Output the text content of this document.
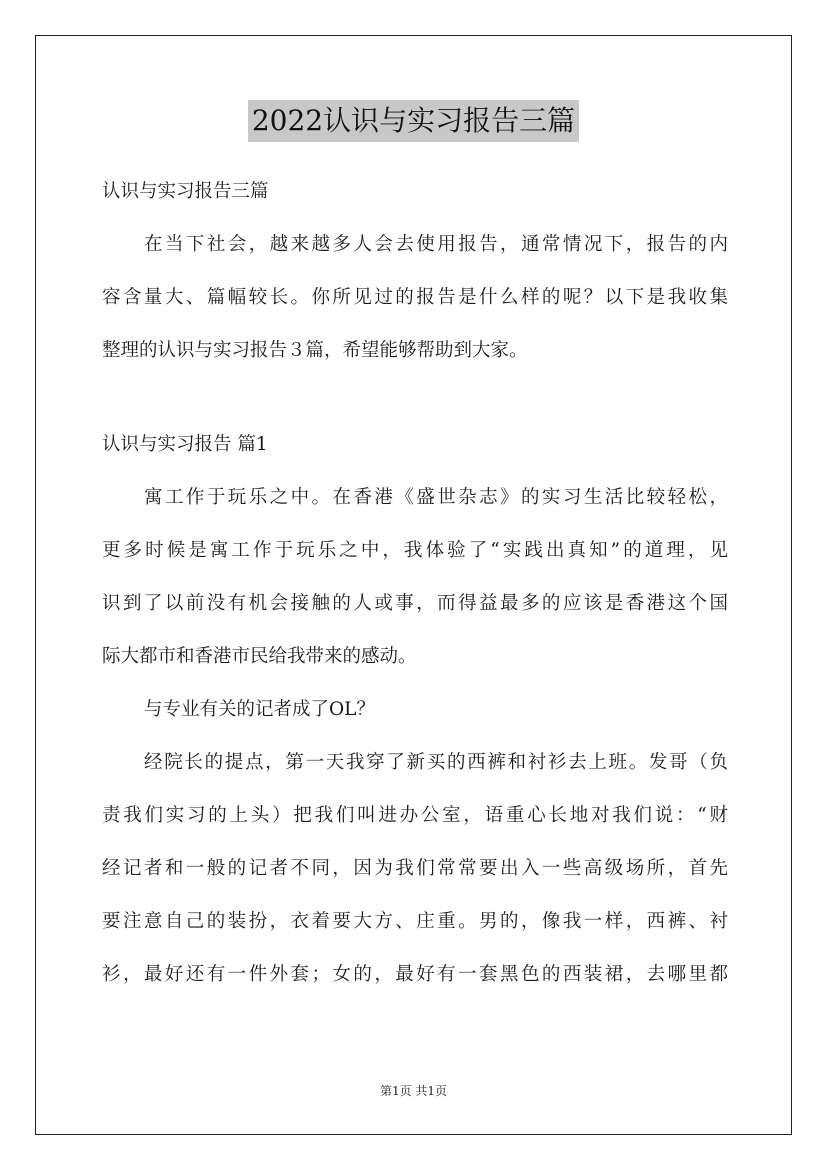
2022认识与实习报告三篇
认识与实习报告三篇
在当下社会，越来越多人会去使用报告，通常情况下，报告的内
容含量大、篇幅较长。你所见过的报告是什么样的呢？以下是我收集
整理的认识与实习报告３篇，希望能够帮助到大家。
认识与实习报告 篇1
寓工作于玩乐之中。在香港《盛世杂志》的实习生活比较轻松，
更多时候是寓工作于玩乐之中，我体验了“实践出真知”的道理，见
识到了以前没有机会接触的人或事，而得益最多的应该是香港这个国
际大都市和香港市民给我带来的感动。
与专业有关的记者成了OL？
经院长的提点，第一天我穿了新买的西裤和衬衫去上班。发哥（负
责我们实习的上头）把我们叫进办公室，语重心长地对我们说：“财
经记者和一般的记者不同，因为我们常常要出入一些高级场所，首先
要注意自己的装扮，衣着要大方、庄重。男的，像我一样，西裤、衬
衫，最好还有一件外套；女的，最好有一套黑色的西装裙，去哪里都
第1页 共1页
